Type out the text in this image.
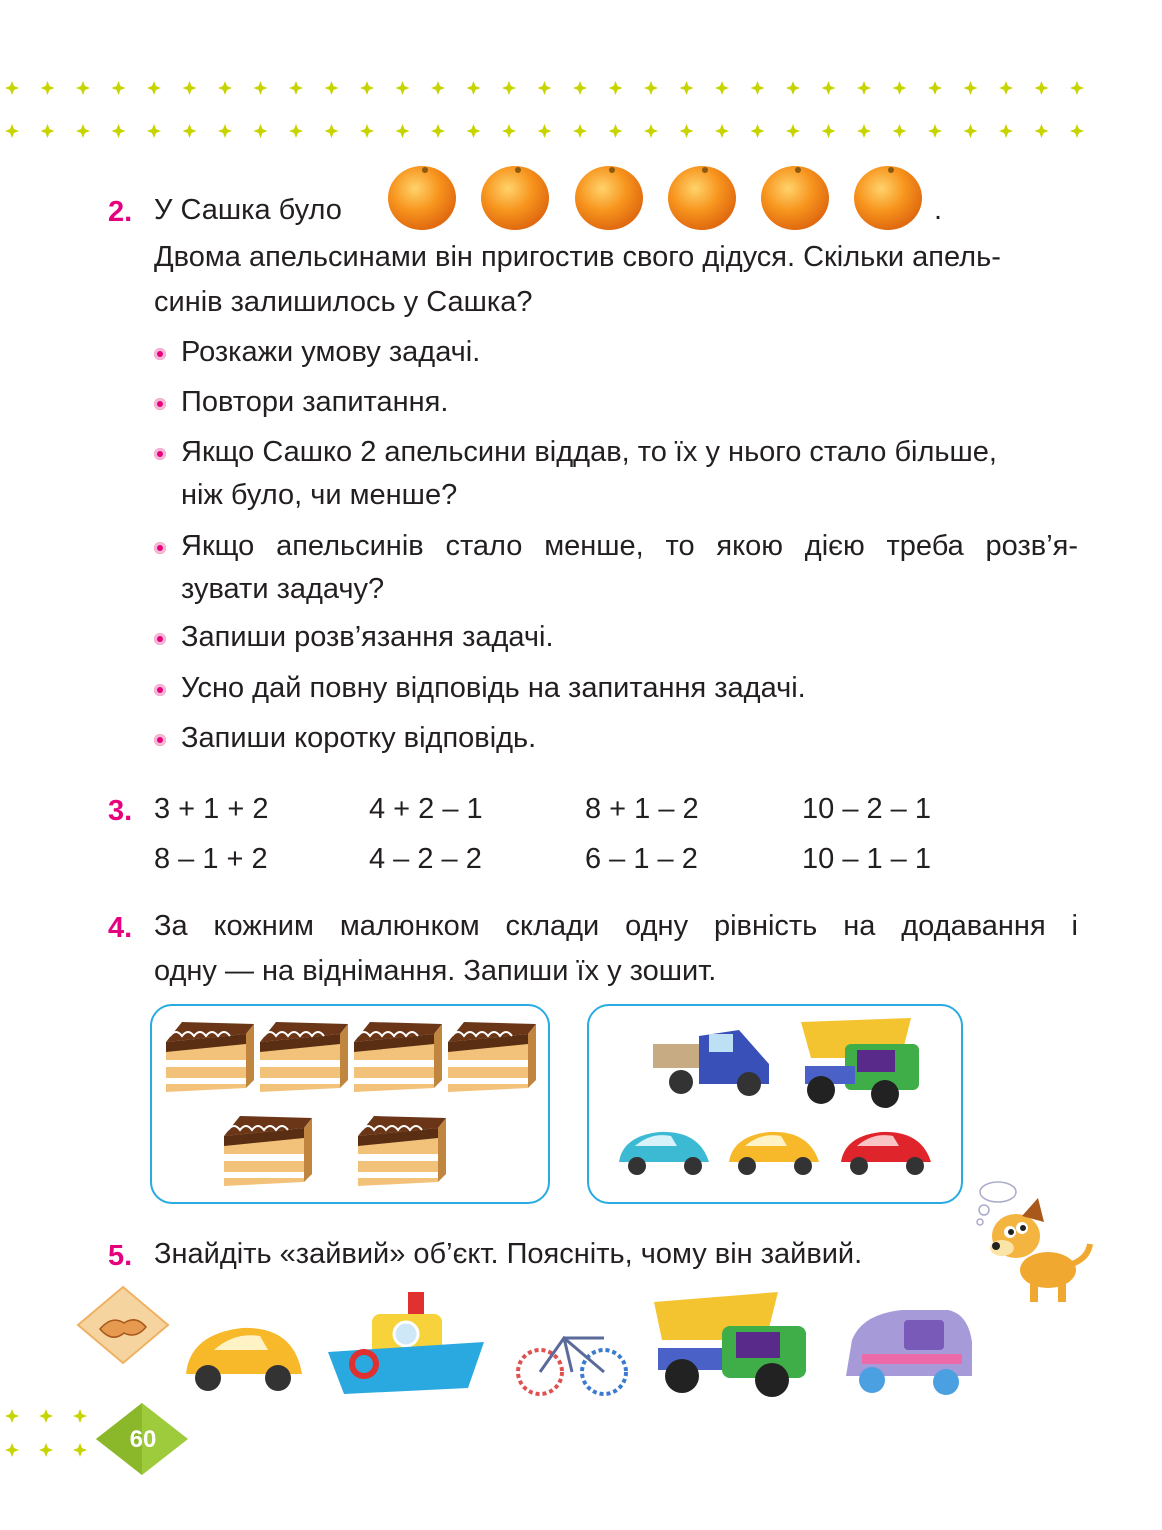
2. У Сашка було	.
Двома апельсинами він пригостив свого дідуся. Скільки апель-
синів залишилось у Сашка?
Розкажи умову задачі.
Повтори запитання.
Якщо Сашко 2 апельсини віддав, то їх у нього стало більше,
ніж було, чи менше?
Якщо апельсинів стало менше, то якою дією треба розв’я-
зувати задачу?
Запиши розв’язання задачі.
Усно дай повну відповідь на запитання задачі.
Запиши коротку відповідь.
3. 3 + 1 + 2	4 + 2 – 1	8 + 1 – 2	10 – 2 – 1
8 – 1 + 2	4 – 2 – 2	6 – 1 – 2	10 – 1 – 1
4. За кожним малюнком склади одну рівність на додавання і
одну — на віднімання. Запиши їх у зошит.
5. Знайдіть «зайвий» об’єкт. Поясніть, чому він зайвий.
60
